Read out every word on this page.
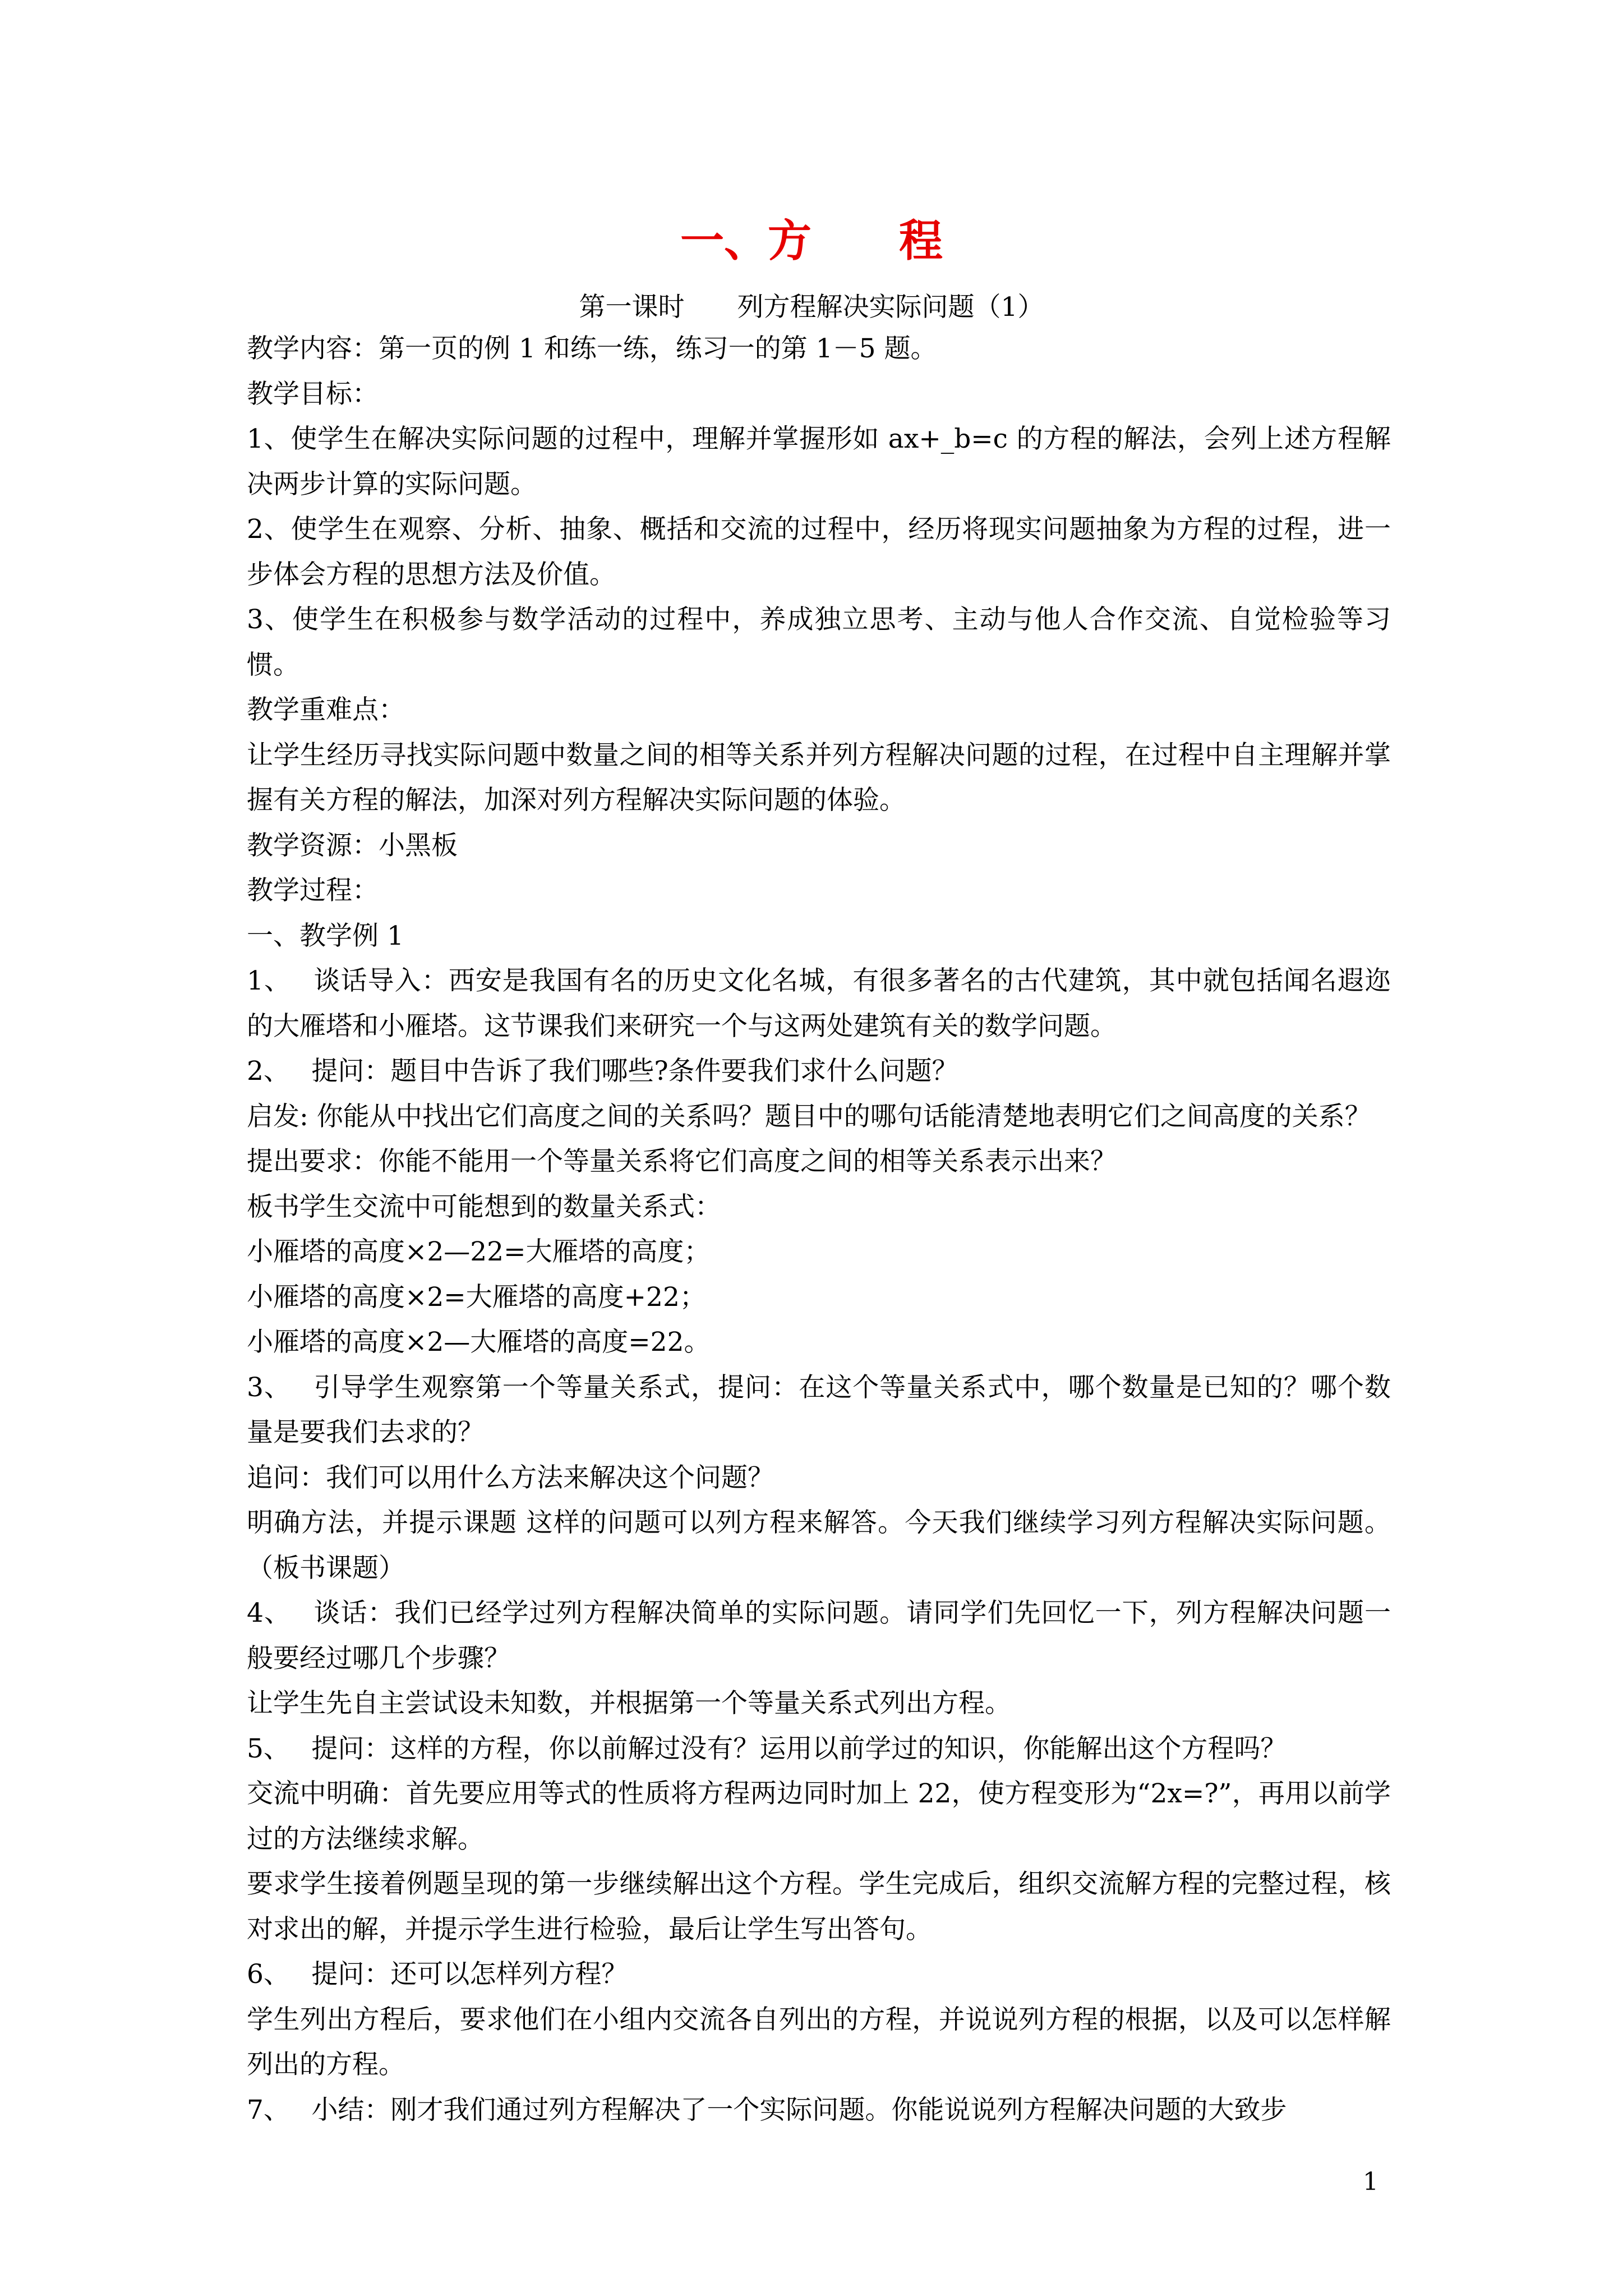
一、方　　程
第一课时　　列方程解决实际问题（1）

教学内容：第一页的例 1 和练一练，练习一的第 1－5 题。

教学目标：

1、使学生在解决实际问题的过程中，理解并掌握形如 ax+_b=c 的方程的解法，会列上述方程解决两步计算的实际问题。

2、使学生在观察、分析、抽象、概括和交流的过程中，经历将现实问题抽象为方程的过程，进一步体会方程的思想方法及价值。

3、使学生在积极参与数学活动的过程中，养成独立思考、主动与他人合作交流、自觉检验等习惯。

教学重难点：

让学生经历寻找实际问题中数量之间的相等关系并列方程解决问题的过程，在过程中自主理解并掌握有关方程的解法，加深对列方程解决实际问题的体验。

教学资源：小黑板

教学过程：

一、教学例 1

1、　 谈话导入：西安是我国有名的历史文化名城，有很多著名的古代建筑，其中就包括闻名遐迩的大雁塔和小雁塔。这节课我们来研究一个与这两处建筑有关的数学问题。

2、　 提问：题目中告诉了我们哪些?条件要我们求什么问题？

启发: 你能从中找出它们高度之间的关系吗？题目中的哪句话能清楚地表明它们之间高度的关系？

提出要求：你能不能用一个等量关系将它们高度之间的相等关系表示出来？

板书学生交流中可能想到的数量关系式：

小雁塔的高度×2—22=大雁塔的高度；

小雁塔的高度×2=大雁塔的高度+22；

小雁塔的高度×2—大雁塔的高度=22。

3、　 引导学生观察第一个等量关系式，提问：在这个等量关系式中，哪个数量是已知的？哪个数量是要我们去求的？

追问：我们可以用什么方法来解决这个问题？

明确方法，并提示课题 这样的问题可以列方程来解答。今天我们继续学习列方程解决实际问题。（板书课题）

4、　 谈话：我们已经学过列方程解决简单的实际问题。请同学们先回忆一下，列方程解决问题一般要经过哪几个步骤？

让学生先自主尝试设未知数，并根据第一个等量关系式列出方程。

5、　 提问：这样的方程，你以前解过没有？运用以前学过的知识，你能解出这个方程吗？

交流中明确：首先要应用等式的性质将方程两边同时加上 22，使方程变形为“2x=?”，再用以前学过的方法继续求解。

要求学生接着例题呈现的第一步继续解出这个方程。学生完成后，组织交流解方程的完整过程，核对求出的解，并提示学生进行检验，最后让学生写出答句。

6、　 提问：还可以怎样列方程？

学生列出方程后，要求他们在小组内交流各自列出的方程，并说说列方程的根据，以及可以怎样解列出的方程。

7、　 小结：刚才我们通过列方程解决了一个实际问题。你能说说列方程解决问题的大致步

1
